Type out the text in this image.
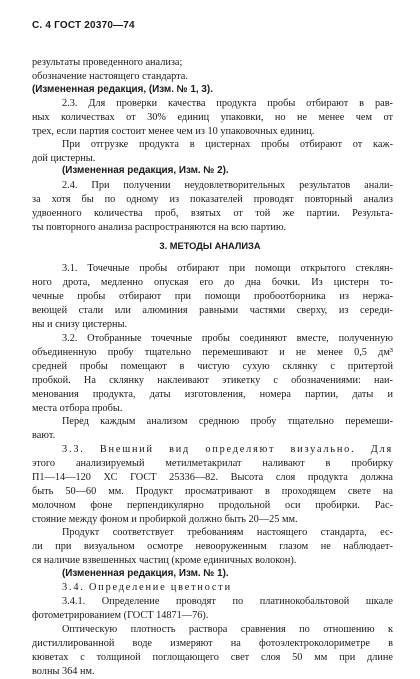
С. 4 ГОСТ 20370—74
результаты проведенного анализа;
обозначение настоящего стандарта.
(Измененная редакция, (Изм. № 1, 3).
2.3. Для проверки качества продукта пробы отбирают в рав-
ных количествах от 30% единиц упаковки, но не менее чем от
трех, если партия состоит менее чем из 10 упаковочных единиц.
При отгрузке продукта в цистернах пробы отбирают от каж-
дой цистерны.
(Измененная редакция, Изм. № 2).
2.4. При получении неудовлетворительных результатов анали-
за хотя бы по одному из показателей проводят повторный анализ
удвоенного количества проб, взятых от той же партии. Результа-
ты повторного анализа распространяются на всю партию.
3. МЕТОДЫ АНАЛИЗА
3.1. Точечные пробы отбирают при помощи открытого стеклян-
ного дрота, медленно опуская его до дна бочки. Из цистерн то-
чечные пробы отбирают при помощи пробоотборника из нержа-
веющей стали или алюминия равными частями сверху, из середи-
ны и снизу цистерны.
3.2. Отобранные точечные пробы соединяют вместе, полученную
объединенную пробу тщательно перемешивают и не менее 0,5 дм³
средней пробы помещают в чистую сухую склянку с притертой
пробкой. На склянку наклеивают этикетку с обозначениями: наи-
менования продукта, даты изготовления, номера партии, даты и
места отбора пробы.
Перед каждым анализом среднюю пробу тщательно перемеши-
вают.
3.3. Внешний вид определяют визуально. Для
этого анализируемый метилметакрилат наливают в пробирку
П1—14—120 ХС ГОСТ 25336—82. Высота слоя продукта должна
быть 50—60 мм. Продукт просматривают в проходящем свете на
молочном фоне перпендикулярно продольной оси пробирки. Рас-
стояние между фоном и пробиркой должно быть 20—25 мм.
Продукт соответствует требованиям настоящего стандарта, ес-
ли при визуальном осмотре невооруженным глазом не наблюдает-
ся наличие взвешенных частиц (кроме единичных волокон).
(Измененная редакция, Изм. № 1).
3.4. Определение цветности
3.4.1. Определение проводят по платинокобальтовой шкале
фотометрированием (ГОСТ 14871—76).
Оптическую плотность раствора сравнения по отношению к
дистиллированной воде измеряют на фотоэлектроколориметре в
кюветах с толщиной поглощающего свет слоя 50 мм при длине
волны 364 нм.
